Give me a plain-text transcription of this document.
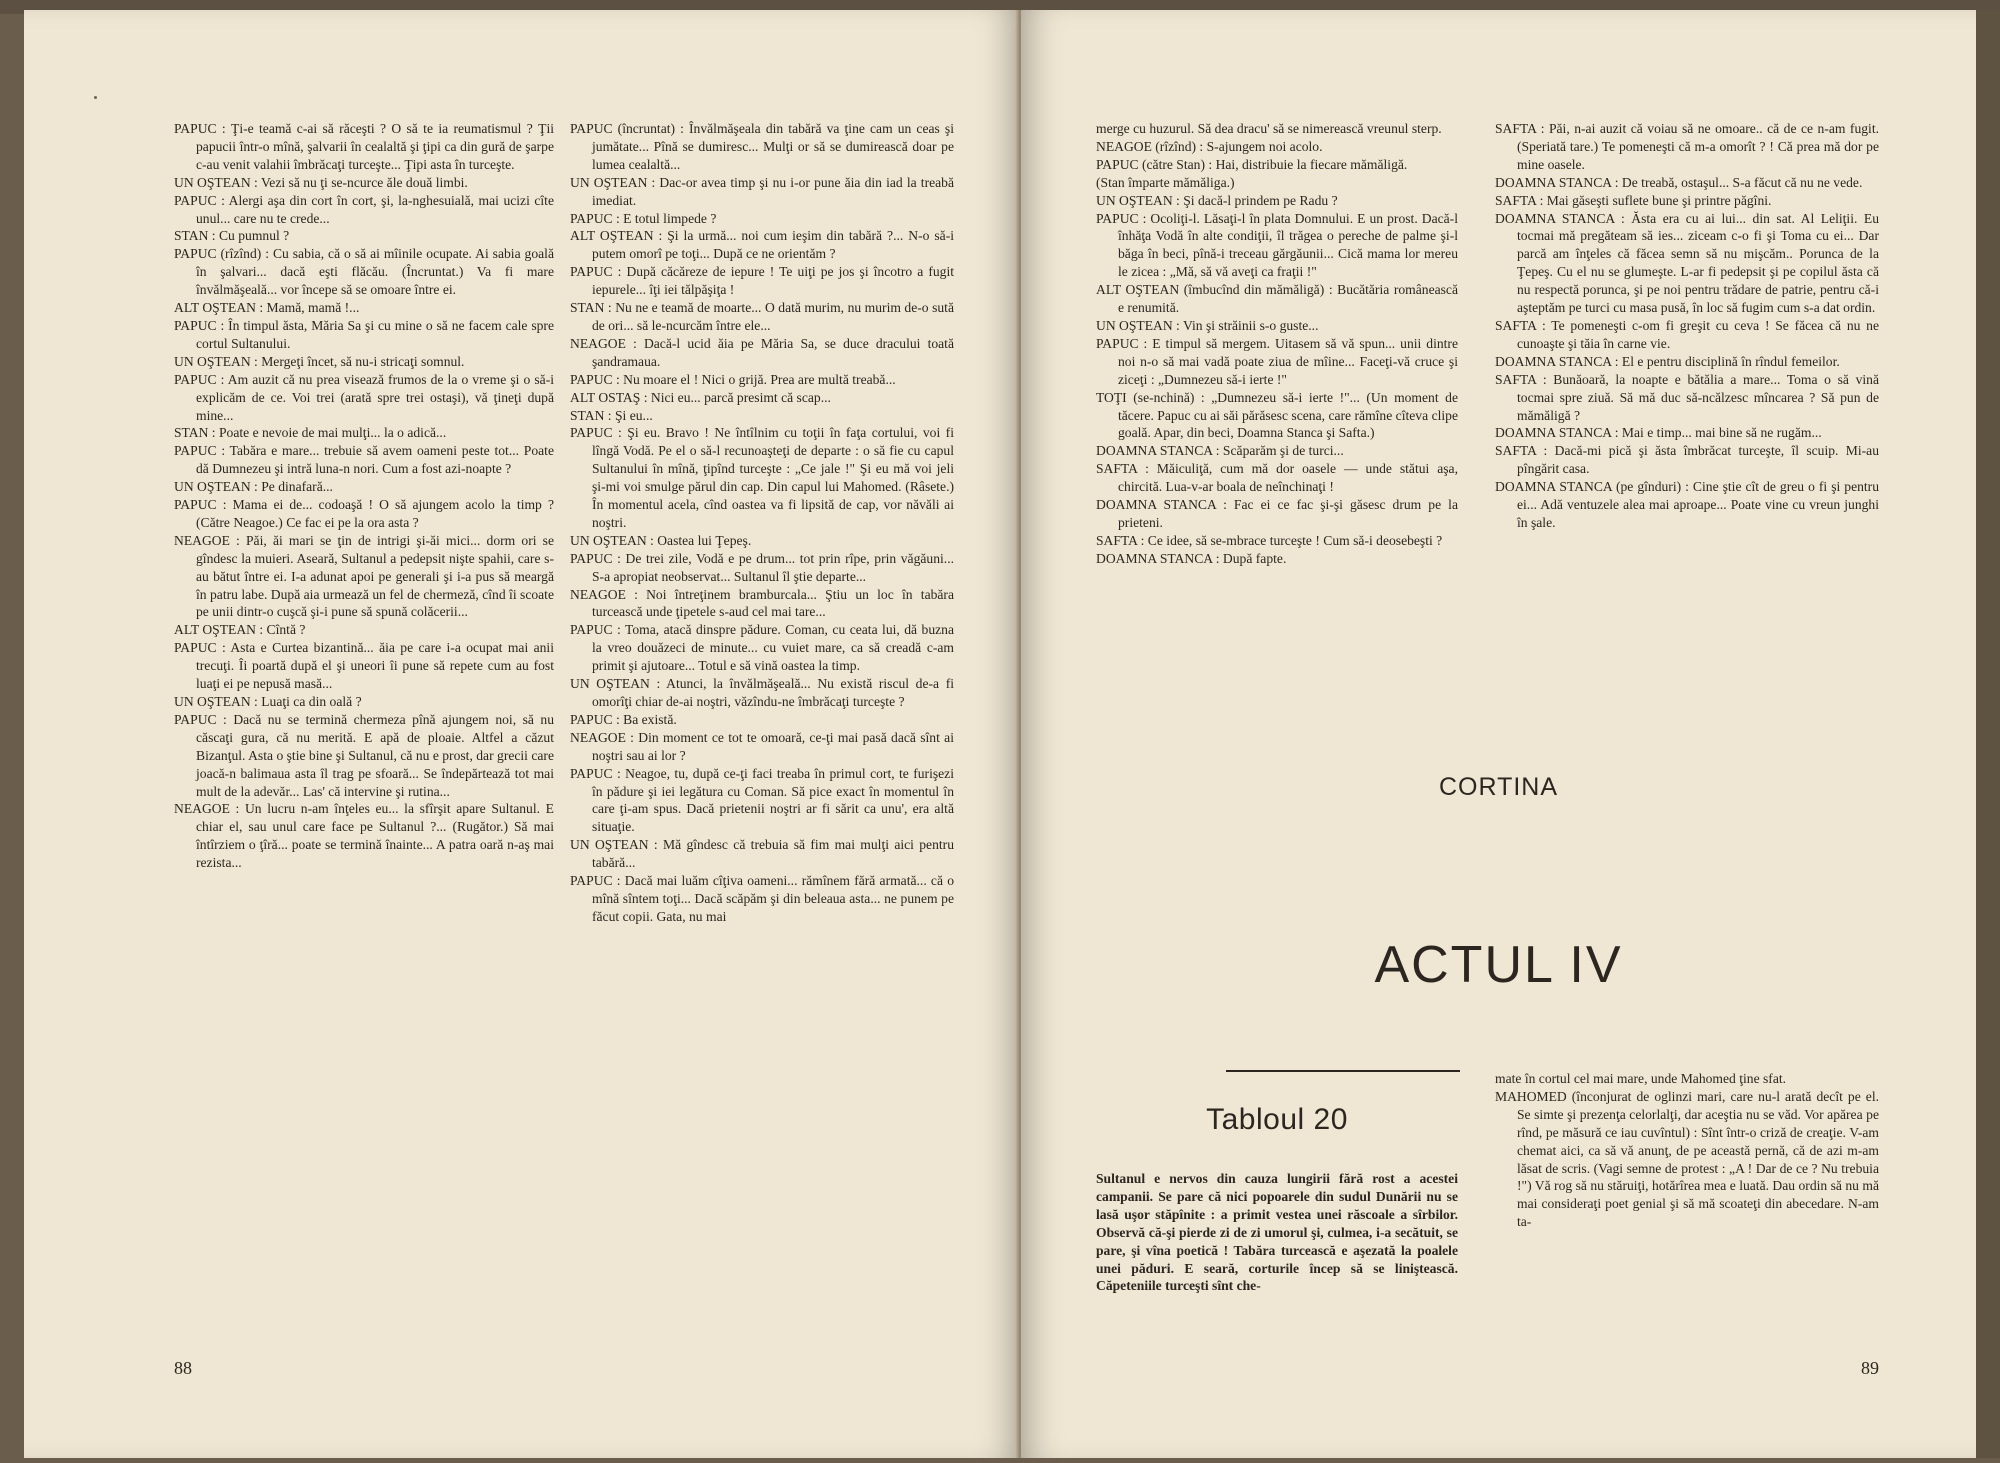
PAPUC : Ţi-e teamă c-ai să răceşti ? O să te ia reumatismul ? Ţii papucii într-o mînă, şalvarii în cealaltă şi ţipi ca din gură de şarpe c-au venit valahii îmbrăcaţi turceşte... Ţipi asta în turceşte.

UN OŞTEAN : Vezi să nu ţi se-ncurce ăle două limbi.

PAPUC : Alergi aşa din cort în cort, şi, la-nghesuială, mai ucizi cîte unul... care nu te crede...

STAN : Cu pumnul ?

PAPUC (rîzînd) : Cu sabia, că o să ai mîinile ocupate. Ai sabia goală în şalvari... dacă eşti flăcău. (Încruntat.) Va fi mare învălmăşeală... vor începe să se omoare între ei.

ALT OŞTEAN : Mamă, mamă !...

PAPUC : În timpul ăsta, Măria Sa şi cu mine o să ne facem cale spre cortul Sultanului.

UN OŞTEAN : Mergeţi încet, să nu-i stricaţi somnul.

PAPUC : Am auzit că nu prea visează frumos de la o vreme şi o să-i explicăm de ce. Voi trei (arată spre trei ostaşi), vă ţineţi după mine...

STAN : Poate e nevoie de mai mulţi... la o adică...

PAPUC : Tabăra e mare... trebuie să avem oameni peste tot... Poate dă Dumnezeu şi intră luna-n nori. Cum a fost azi-noapte ?

UN OŞTEAN : Pe dinafară...

PAPUC : Mama ei de... codoaşă ! O să ajungem acolo la timp ? (Către Neagoe.) Ce fac ei pe la ora asta ?

NEAGOE : Păi, ăi mari se ţin de intrigi şi-ăi mici... dorm ori se gîndesc la muieri. Aseară, Sultanul a pedepsit nişte spahii, care s-au bătut între ei. I-a adunat apoi pe generali şi i-a pus să meargă în patru labe. După aia urmează un fel de chermeză, cînd îi scoate pe unii dintr-o cuşcă şi-i pune să spună colăcerii...

ALT OŞTEAN : Cîntă ?

PAPUC : Asta e Curtea bizantină... ăia pe care i-a ocupat mai anii trecuţi. Îi poartă după el şi uneori îi pune să repete cum au fost luaţi ei pe nepusă masă...

UN OŞTEAN : Luaţi ca din oală ?

PAPUC : Dacă nu se termină chermeza pînă ajungem noi, să nu căscaţi gura, că nu merită. E apă de ploaie. Altfel a căzut Bizanţul. Asta o ştie bine şi Sultanul, că nu e prost, dar grecii care joacă-n balimaua asta îl trag pe sfoară... Se îndepărtează tot mai mult de la adevăr... Las' că intervine şi rutina...

NEAGOE : Un lucru n-am înţeles eu... la sfîrşit apare Sultanul. E chiar el, sau unul care face pe Sultanul ?... (Rugător.) Să mai întîrziem o ţîră... poate se termină înainte... A patra oară n-aş mai rezista...

PAPUC (încruntat) : Învălmăşeala din tabără va ţine cam un ceas şi jumătate... Pînă se dumiresc... Mulţi or să se dumirească doar pe lumea cealaltă...

UN OŞTEAN : Dac-or avea timp şi nu i-or pune ăia din iad la treabă imediat.

PAPUC : E totul limpede ?

ALT OŞTEAN : Şi la urmă... noi cum ieşim din tabără ?... N-o să-i putem omorî pe toţi... După ce ne orientăm ?

PAPUC : După căcăreze de iepure ! Te uiţi pe jos şi încotro a fugit iepurele... îţi iei tălpăşiţa !

STAN : Nu ne e teamă de moarte... O dată murim, nu murim de-o sută de ori... să le-ncurcăm între ele...

NEAGOE : Dacă-l ucid ăia pe Măria Sa, se duce dracului toată şandramaua.

PAPUC : Nu moare el ! Nici o grijă. Prea are multă treabă...

ALT OSTAŞ : Nici eu... parcă presimt că scap...

STAN : Şi eu...

PAPUC : Şi eu. Bravo ! Ne întîlnim cu toţii în faţa cortului, voi fi lîngă Vodă. Pe el o să-l recunoaşteţi de departe : o să fie cu capul Sultanului în mînă, ţipînd turceşte : „Ce jale !" Şi eu mă voi jeli şi-mi voi smulge părul din cap. Din capul lui Mahomed. (Râsete.) În momentul acela, cînd oastea va fi lipsită de cap, vor năvăli ai noştri.

UN OŞTEAN : Oastea lui Ţepeş.

PAPUC : De trei zile, Vodă e pe drum... tot prin rîpe, prin văgăuni... S-a apropiat neobservat... Sultanul îl ştie departe...

NEAGOE : Noi întreţinem bramburcala... Ştiu un loc în tabăra turcească unde ţipetele s-aud cel mai tare...

PAPUC : Toma, atacă dinspre pădure. Coman, cu ceata lui, dă buzna la vreo douăzeci de minute... cu vuiet mare, ca să creadă c-am primit şi ajutoare... Totul e să vină oastea la timp.

UN OŞTEAN : Atunci, la învălmăşeală... Nu există riscul de-a fi omorîţi chiar de-ai noştri, văzîndu-ne îmbrăcaţi turceşte ?

PAPUC : Ba există.

NEAGOE : Din moment ce tot te omoară, ce-ţi mai pasă dacă sînt ai noştri sau ai lor ?

PAPUC : Neagoe, tu, după ce-ţi faci treaba în primul cort, te furişezi în pădure şi iei legătura cu Coman. Să pice exact în momentul în care ţi-am spus. Dacă prietenii noştri ar fi sărit ca unu', era altă situaţie.

UN OŞTEAN : Mă gîndesc că trebuia să fim mai mulţi aici pentru tabără...

PAPUC : Dacă mai luăm cîţiva oameni... rămînem fără armată... că o mînă sîntem toţi... Dacă scăpăm şi din beleaua asta... ne punem pe făcut copii. Gata, nu mai

88

merge cu huzurul. Să dea dracu' să se nimerească vreunul sterp.

NEAGOE (rîzînd) : S-ajungem noi acolo.

PAPUC (către Stan) : Hai, distribuie la fiecare mămăligă.

(Stan împarte mămăliga.)

UN OŞTEAN : Şi dacă-l prindem pe Radu ?

PAPUC : Ocoliţi-l. Lăsaţi-l în plata Domnului. E un prost. Dacă-l înhăţa Vodă în alte condiţii, îl trăgea o pereche de palme şi-l băga în beci, pînă-i treceau gărgăunii... Cică mama lor mereu le zicea : „Mă, să vă aveţi ca fraţii !"

ALT OŞTEAN (îmbucînd din mămăligă) : Bucătăria românească e renumită.

UN OŞTEAN : Vin şi străinii s-o guste...

PAPUC : E timpul să mergem. Uitasem să vă spun... unii dintre noi n-o să mai vadă poate ziua de mîine... Faceţi-vă cruce şi ziceţi : „Dumnezeu să-i ierte !"

TOŢI (se-nchină) : „Dumnezeu să-i ierte !"... (Un moment de tăcere. Papuc cu ai săi părăsesc scena, care rămîne cîteva clipe goală. Apar, din beci, Doamna Stanca şi Safta.)

DOAMNA STANCA : Scăparăm şi de turci...

SAFTA : Măiculiţă, cum mă dor oasele — unde stătui aşa, chircită. Lua-v-ar boala de neînchinaţi !

DOAMNA STANCA : Fac ei ce fac şi-şi găsesc drum pe la prieteni.

SAFTA : Ce idee, să se-mbrace turceşte ! Cum să-i deosebeşti ?

DOAMNA STANCA : După fapte.

SAFTA : Păi, n-ai auzit că voiau să ne omoare.. că de ce n-am fugit. (Speriată tare.) Te pomeneşti că m-a omorît ? ! Că prea mă dor pe mine oasele.

DOAMNA STANCA : De treabă, ostaşul... S-a făcut că nu ne vede.

SAFTA : Mai găseşti suflete bune şi printre păgîni.

DOAMNA STANCA : Ăsta era cu ai lui... din sat. Al Leliţii. Eu tocmai mă pregăteam să ies... ziceam c-o fi şi Toma cu ei... Dar parcă am înţeles că făcea semn să nu mişcăm.. Porunca de la Ţepeş. Cu el nu se glumeşte. L-ar fi pedepsit şi pe copilul ăsta că nu respectă porunca, şi pe noi pentru trădare de patrie, pentru că-i aşteptăm pe turci cu masa pusă, în loc să fugim cum s-a dat ordin.

SAFTA : Te pomeneşti c-om fi greşit cu ceva ! Se făcea că nu ne cunoaşte şi tăia în carne vie.

DOAMNA STANCA : El e pentru disciplină în rîndul femeilor.

SAFTA : Bunăoară, la noapte e bătălia a mare... Toma o să vină tocmai spre ziuă. Să mă duc să-ncălzesc mîncarea ? Să pun de mămăligă ?

DOAMNA STANCA : Mai e timp... mai bine să ne rugăm...

SAFTA : Dacă-mi pică şi ăsta îmbrăcat turceşte, îl scuip. Mi-au pîngărit casa.

DOAMNA STANCA (pe gînduri) : Cine ştie cît de greu o fi şi pentru ei... Adă ventuzele alea mai aproape... Poate vine cu vreun junghi în şale.

CORTINA
ACTUL IV
Tabloul 20

Sultanul e nervos din cauza lungirii fără rost a acestei campanii. Se pare că nici popoarele din sudul Dunării nu se lasă uşor stăpînite : a primit vestea unei răscoale a sîrbilor. Observă că-şi pierde zi de zi umorul şi, culmea, i-a secătuit, se pare, şi vîna poetică ! Tabăra turcească e aşezată la poalele unei păduri. E seară, corturile încep să se liniştească. Căpeteniile turceşti sînt che-

mate în cortul cel mai mare, unde Mahomed ţine sfat.

MAHOMED (înconjurat de oglinzi mari, care nu-l arată decît pe el. Se simte şi prezenţa celorlalţi, dar aceştia nu se văd. Vor apărea pe rînd, pe măsură ce iau cuvîntul) : Sînt într-o criză de creaţie. V-am chemat aici, ca să vă anunţ, de pe această pernă, că de azi m-am lăsat de scris. (Vagi semne de protest : „A ! Dar de ce ? Nu trebuia !") Vă rog să nu stăruiţi, hotărîrea mea e luată. Dau ordin să nu mă mai consideraţi poet genial şi să mă scoateţi din abecedare. N-am ta-

89
